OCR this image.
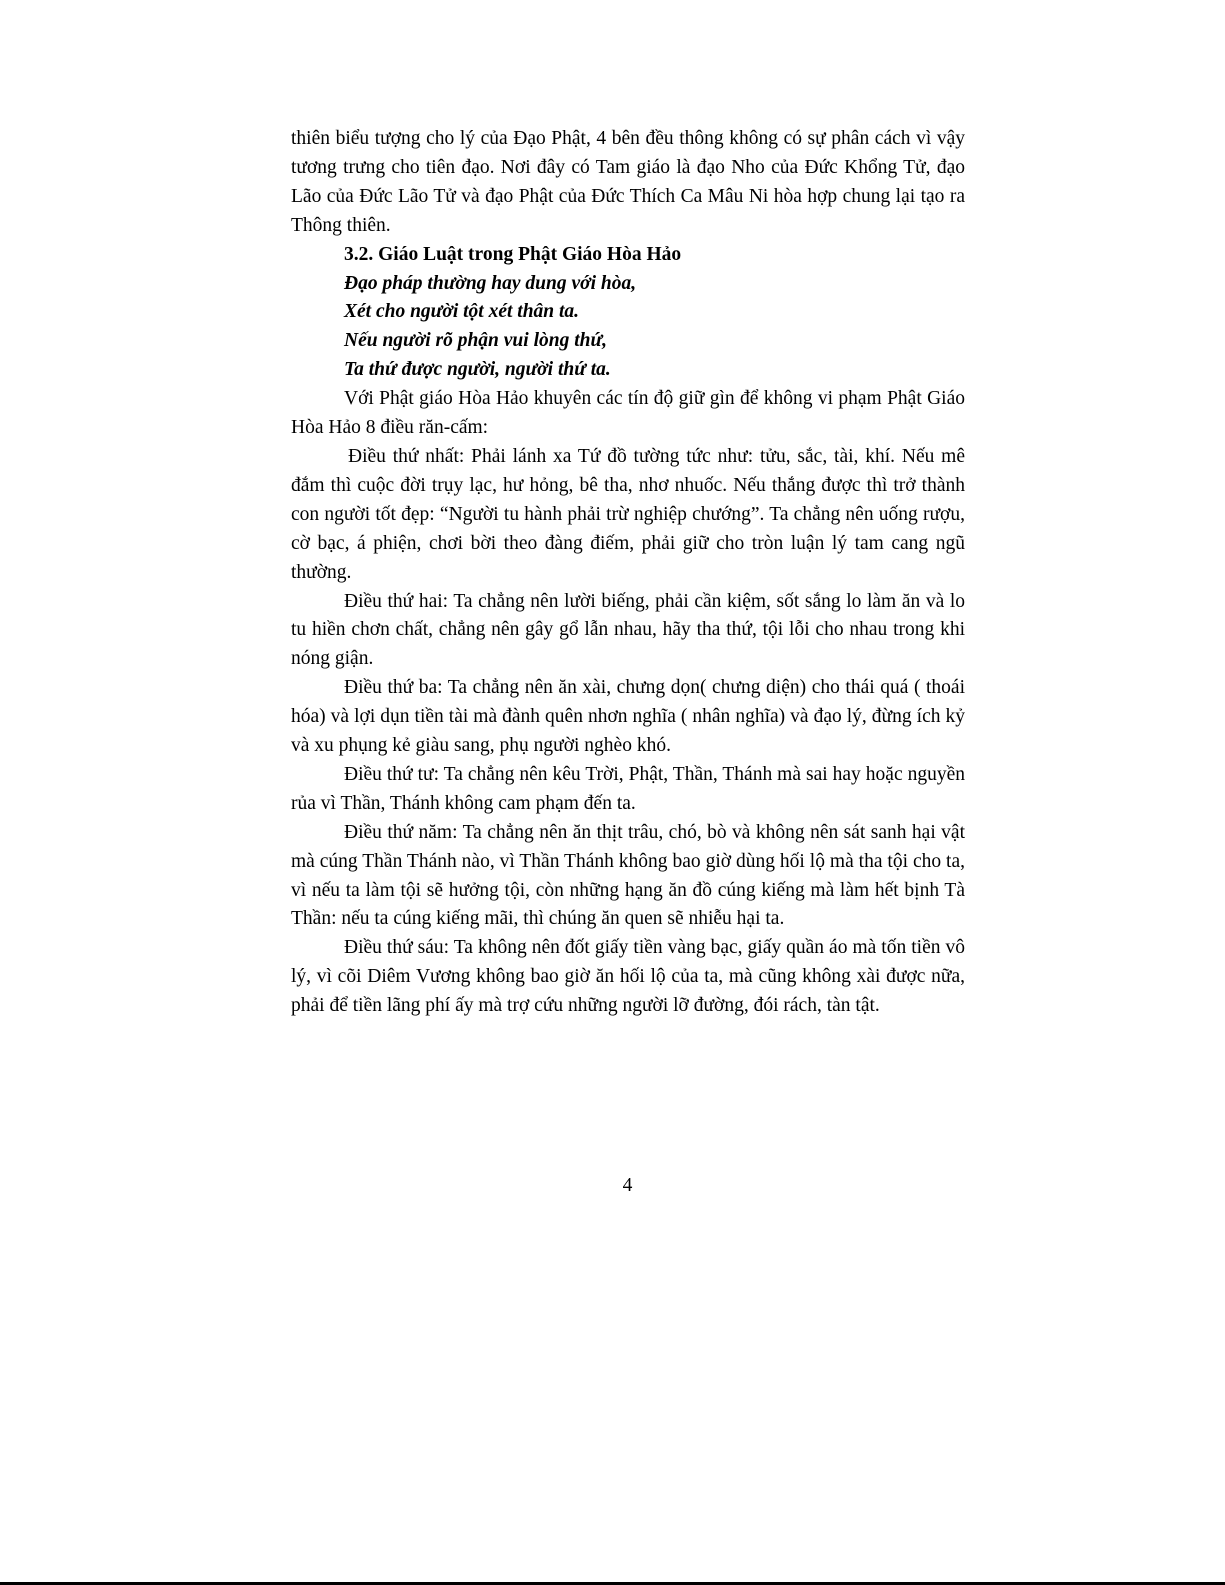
thiên biểu tượng cho lý của Đạo Phật, 4 bên đều thông không có sự phân cách vì vậy tương trưng cho tiên đạo. Nơi đây có Tam giáo là đạo Nho của Đức Khổng Tử, đạo Lão của Đức Lão Tử và đạo Phật của Đức Thích Ca Mâu Ni hòa hợp chung lại tạo ra Thông thiên.

3.2. Giáo Luật trong Phật Giáo Hòa Hảo

Đạo pháp thường hay dung với hòa,

Xét cho người tột xét thân ta.

Nếu người rõ phận vui lòng thứ,

Ta thứ được người, người thứ ta.

Với Phật giáo Hòa Hảo khuyên các tín độ giữ gìn để không vi phạm Phật Giáo Hòa Hảo 8 điều răn-cấm:

Điều thứ nhất: Phải lánh xa Tứ đồ tường tức như: tửu, sắc, tài, khí. Nếu mê đắm thì cuộc đời trụy lạc, hư hỏng, bê tha, nhơ nhuốc. Nếu thắng được thì trở thành con người tốt đẹp: “Người tu hành phải trừ nghiệp chướng”. Ta chẳng nên uống rượu, cờ bạc, á phiện, chơi bời theo đàng điếm, phải giữ cho tròn luận lý tam cang ngũ thường.

Điều thứ hai: Ta chẳng nên lười biếng, phải cần kiệm, sốt sắng lo làm ăn và lo tu hiền chơn chất, chẳng nên gây gổ lẫn nhau, hãy tha thứ, tội lỗi cho nhau trong khi nóng giận.

Điều thứ ba: Ta chẳng nên ăn xài, chưng dọn( chưng diện) cho thái quá ( thoái hóa) và lợi dụn tiền tài mà đành quên nhơn nghĩa ( nhân nghĩa) và đạo lý, đừng ích kỷ và xu phụng kẻ giàu sang, phụ người nghèo khó.

Điều thứ tư: Ta chẳng nên kêu Trời, Phật, Thần, Thánh mà sai hay hoặc nguyền rủa vì Thần, Thánh không cam phạm đến ta.

Điều thứ năm: Ta chẳng nên ăn thịt trâu, chó, bò và không nên sát sanh hại vật mà cúng Thần Thánh nào, vì Thần Thánh không bao giờ dùng hối lộ mà tha tội cho ta, vì nếu ta làm tội sẽ hưởng tội, còn những hạng ăn đồ cúng kiếng mà làm hết bịnh Tà Thần: nếu ta cúng kiếng mãi, thì chúng ăn quen sẽ nhiễu hại ta.

Điều thứ sáu: Ta không nên đốt giấy tiền vàng bạc, giấy quần áo mà tốn tiền vô lý, vì cõi Diêm Vương không bao giờ ăn hối lộ của ta, mà cũng không xài được nữa, phải để tiền lãng phí ấy mà trợ cứu những người lỡ đường, đói rách, tàn tật.

4
